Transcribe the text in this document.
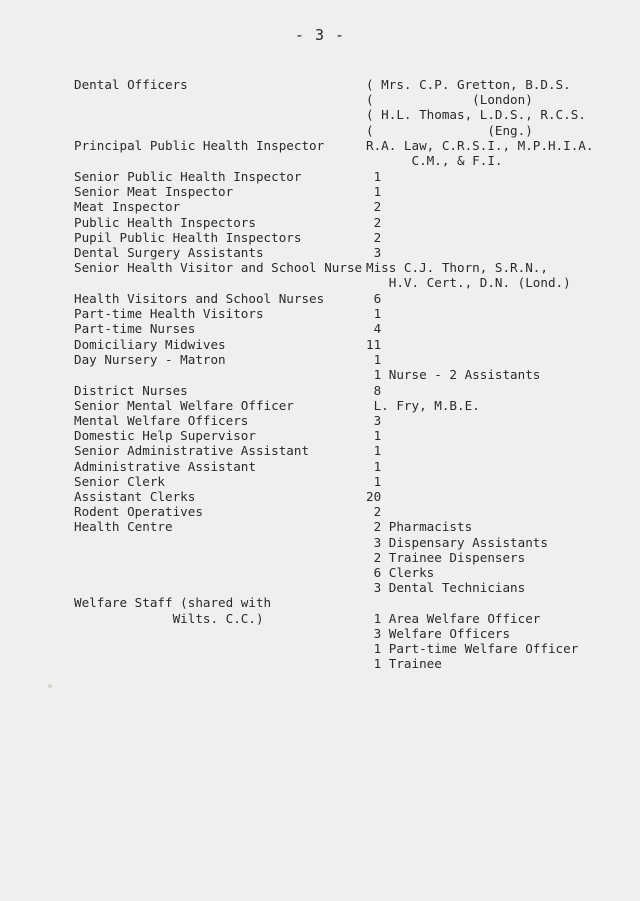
- 3 -
Dental Officers
Principal Public Health Inspector
Senior Public Health Inspector
Senior Meat Inspector
Meat Inspector
Public Health Inspectors
Pupil Public Health Inspectors
Dental Surgery Assistants
Senior Health Visitor and School Nurse
Health Visitors and School Nurses
Part-time Health Visitors
Part-time Nurses
Domiciliary Midwives
Day Nursery - Matron
District Nurses
Senior Mental Welfare Officer
Mental Welfare Officers
Domestic Help Supervisor
Senior Administrative Assistant
Administrative Assistant
Senior Clerk
Assistant Clerks
Rodent Operatives
Health Centre
Welfare Staff (shared with
Wilts. C.C.)
( Mrs. C.P. Gretton, B.D.S.
(             (London)
( H.L. Thomas, L.D.S., R.C.S.
(               (Eng.)
R.A. Law, C.R.S.I., M.P.H.I.A.
C.M., & F.I.
1
1
2
2
2
3
Miss C.J. Thorn, S.R.N.,
H.V. Cert., D.N. (Lond.)
6
1
4
11
1
1 Nurse - 2 Assistants
8
L. Fry, M.B.E.
3
1
1
1
1
20
2
2 Pharmacists
3 Dispensary Assistants
2 Trainee Dispensers
6 Clerks
3 Dental Technicians
1 Area Welfare Officer
3 Welfare Officers
1 Part-time Welfare Officer
1 Trainee
